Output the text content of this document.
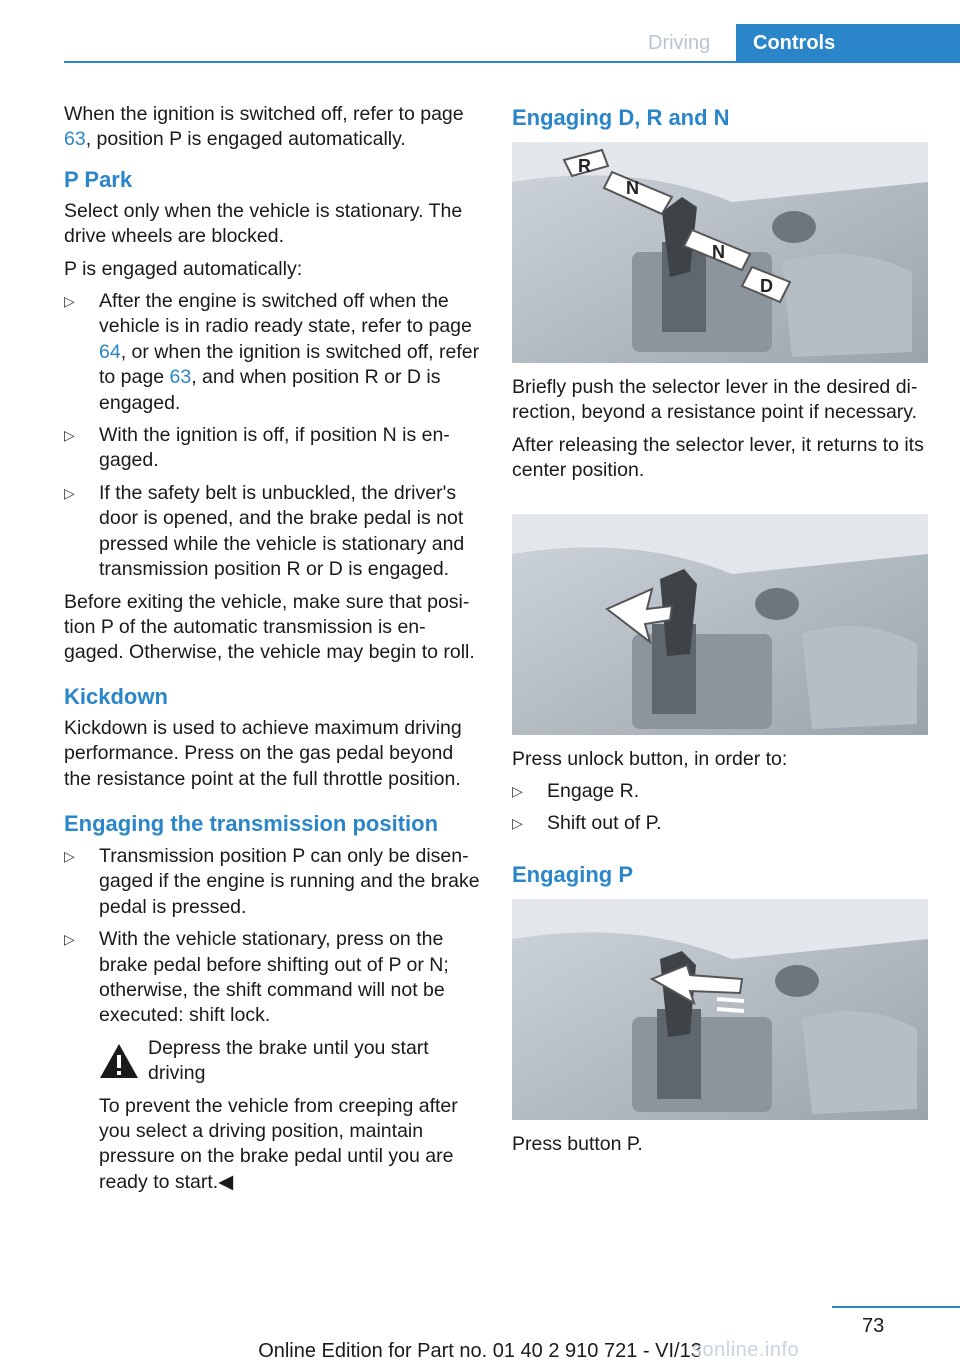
Driving Controls

When the ignition is switched off, refer to page 63, position P is engaged automatically.

P Park

Select only when the vehicle is stationary. The drive wheels are blocked.

P is engaged automatically:

▷ After the engine is switched off when the vehicle is in radio ready state, refer to page 64, or when the ignition is switched off, refer to page 63, and when position R or D is engaged.
▷ With the ignition is off, if position N is en‐gaged.
▷ If the safety belt is unbuckled, the driver's door is opened, and the brake pedal is not pressed while the vehicle is stationary and transmission position R or D is engaged.

Before exiting the vehicle, make sure that posi‐tion P of the automatic transmission is en‐gaged. Otherwise, the vehicle may begin to roll.

Kickdown

Kickdown is used to achieve maximum driving performance. Press on the gas pedal beyond the resistance point at the full throttle position.

Engaging the transmission position
▷ Transmission position P can only be disen‐gaged if the engine is running and the brake pedal is pressed.
▷ With the vehicle stationary, press on the brake pedal before shifting out of P or N; otherwise, the shift command will not be executed: shift lock.
Depress the brake until you start driving

To prevent the vehicle from creeping after you select a driving position, maintain pressure on the brake pedal until you are ready to start.◀

Engaging D, R and N
R
N
N
D

Briefly push the selector lever in the desired di‐rection, beyond a resistance point if necessary.

After releasing the selector lever, it returns to its center position.

Press unlock button, in order to:

▷ Engage R.
▷ Shift out of P.
Engaging P

Press button P.

73
Online Edition for Part no. 01 40 2 910 721 - VI/13
sonline.info
